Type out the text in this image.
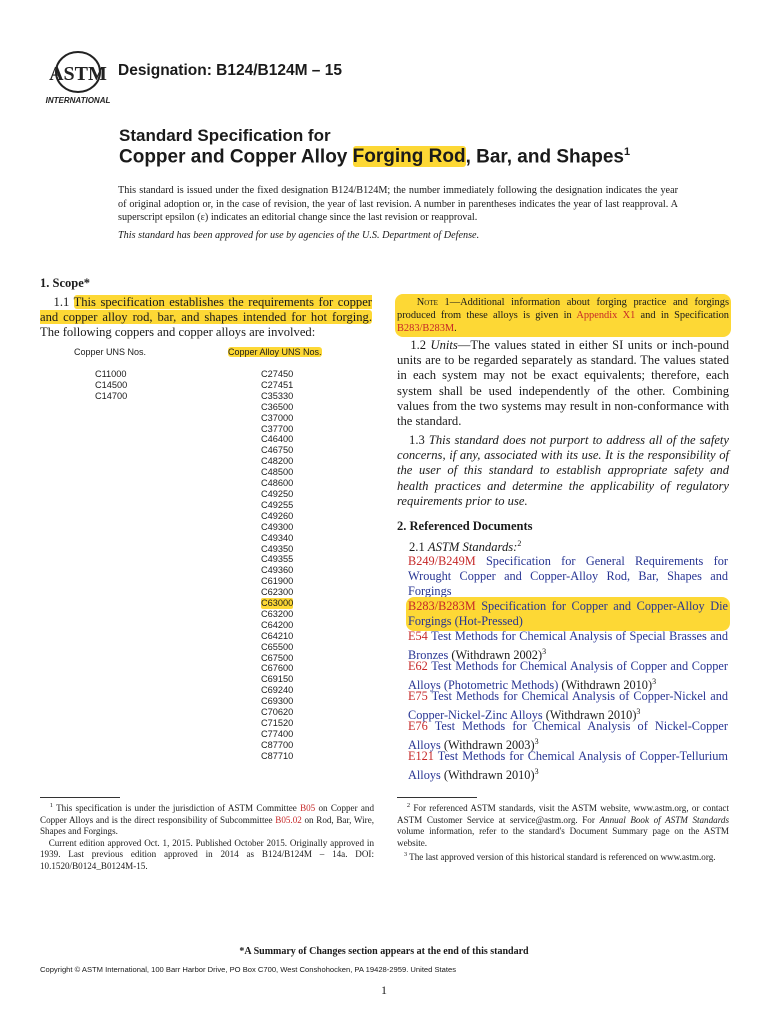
ASTM
INTERNATIONAL
Designation: B124/B124M – 15
Standard Specification for
Copper and Copper Alloy Forging Rod, Bar, and Shapes$^1$

This standard is issued under the fixed designation B124/B124M; the number immediately following the designation indicates the year of original adoption or, in the case of revision, the year of last revision. A number in parentheses indicates the year of last reapproval. A superscript epsilon (ε) indicates an editorial change since the last revision or reapproval.

This standard has been approved for use by agencies of the U.S. Department of Defense.

1. Scope*

1.1 This specification establishes the requirements for copper and copper alloy rod, bar, and shapes intended for hot forging. The following coppers and copper alloys are involved:

Copper UNS Nos.	Copper Alloy UNS Nos.
C11000
C14500
C14700
C27450
C27451
C35330
C36500
C37000
C37700
C46400
C46750
C48200
C48500
C48600
C49250
C49255
C49260
C49300
C49340
C49350
C49355
C49360
C61900
C62300
C63000

C63200
C64200
C64210
C65500
C67500
C67600
C69150
C69240
C69300
C70620
C71520
C77400
C87700
C87710

Note 1—Additional information about forging practice and forgings produced from these alloys is given in Appendix X1 and in Specification B283/B283M.

1.2 Units—The values stated in either SI units or inch-pound units are to be regarded separately as standard. The values stated in each system may not be exact equivalents; therefore, each system shall be used independently of the other. Combining values from the two systems may result in non-conformance with the standard.

1.3 This standard does not purport to address all of the safety concerns, if any, associated with its use. It is the responsibility of the user of this standard to establish appropriate safety and health practices and determine the applicability of regulatory requirements prior to use.

2. Referenced Documents
2.1 ASTM Standards:$^2$
B249/B249M Specification for General Requirements for Wrought Copper and Copper-Alloy Rod, Bar, Shapes and Forgings
B283/B283M Specification for Copper and Copper-Alloy Die Forgings (Hot-Pressed)
E54 Test Methods for Chemical Analysis of Special Brasses and Bronzes (Withdrawn 2002)$^3$
E62 Test Methods for Chemical Analysis of Copper and Copper Alloys (Photometric Methods) (Withdrawn 2010)$^3$
E75 Test Methods for Chemical Analysis of Copper-Nickel and Copper-Nickel-Zinc Alloys (Withdrawn 2010)$^3$
E76 Test Methods for Chemical Analysis of Nickel-Copper Alloys (Withdrawn 2003)$^3$
E121 Test Methods for Chemical Analysis of Copper-Tellurium Alloys (Withdrawn 2010)$^3$

$^1$ This specification is under the jurisdiction of ASTM Committee B05 on Copper and Copper Alloys and is the direct responsibility of Subcommittee B05.02 on Rod, Bar, Wire, Shapes and Forgings.

Current edition approved Oct. 1, 2015. Published October 2015. Originally approved in 1939. Last previous edition approved in 2014 as B124/B124M – 14a. DOI: 10.1520/B0124_B0124M-15.

$^2$ For referenced ASTM standards, visit the ASTM website, www.astm.org, or contact ASTM Customer Service at service@astm.org. For Annual Book of ASTM Standards volume information, refer to the standard's Document Summary page on the ASTM website.

$^3$ The last approved version of this historical standard is referenced on www.astm.org.

*A Summary of Changes section appears at the end of this standard
Copyright © ASTM International, 100 Barr Harbor Drive, PO Box C700, West Conshohocken, PA 19428-2959. United States
1
